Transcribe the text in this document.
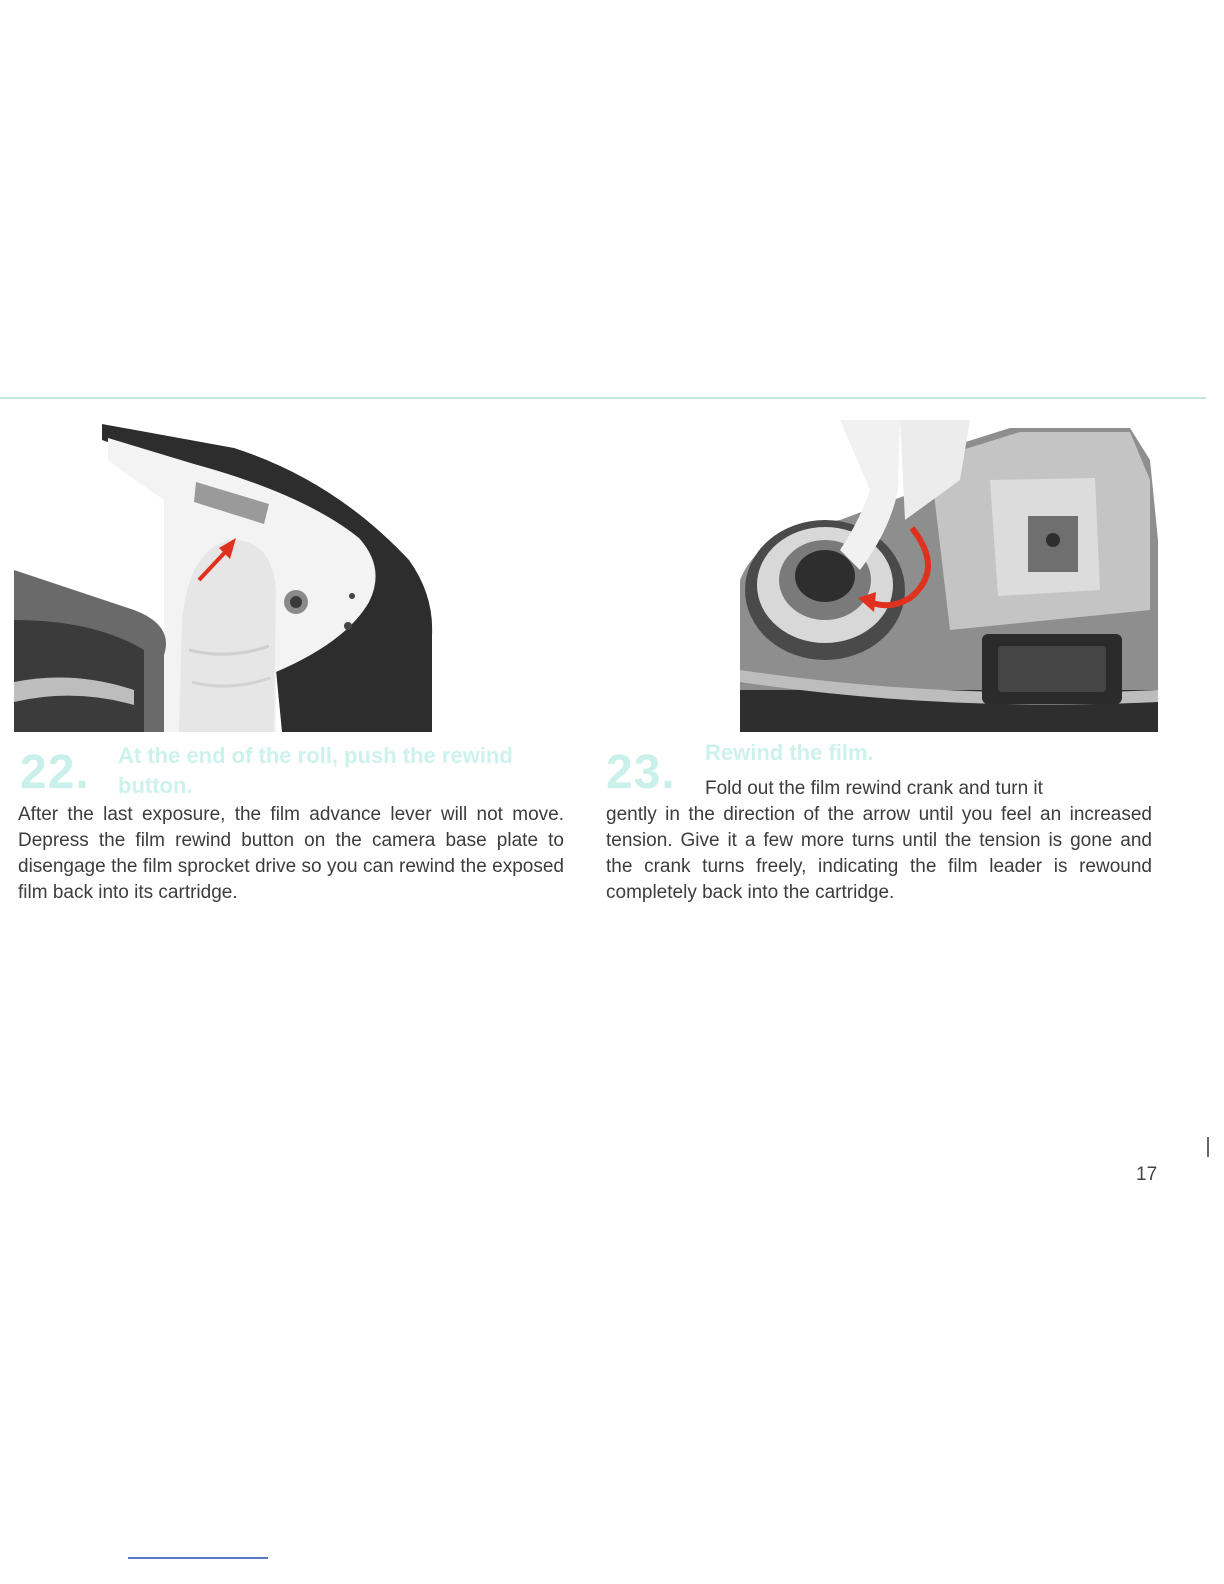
22. At the end of the roll, push the rewind button.
After the last exposure, the film advance lever will not move. Depress the film rewind button on the camera base plate to disengage the film sprocket drive so you can rewind the exposed film back into its cartridge.
23. Rewind the film.
Fold out the film rewind crank and turn it
gently in the direction of the arrow until you feel an increased tension. Give it a few more turns until the tension is gone and the crank turns freely, indicating the film leader is rewound completely back into the cartridge.
17
